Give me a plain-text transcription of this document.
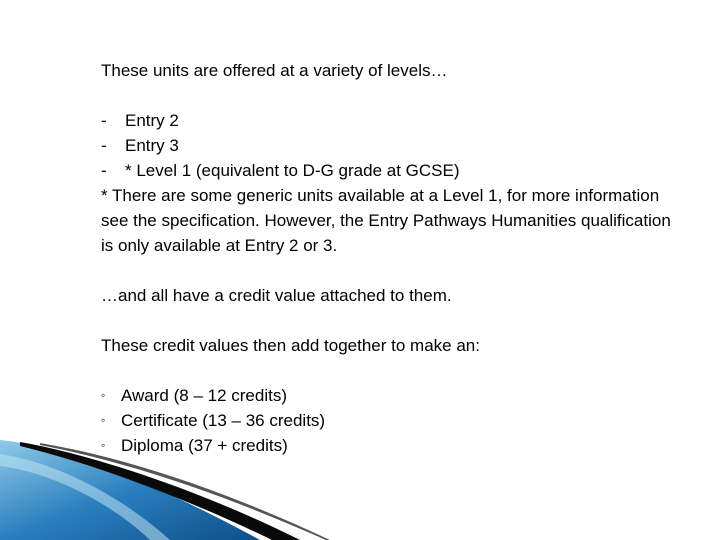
These units are offered at a variety of levels…

-	Entry 2
-	Entry 3
-	* Level 1 (equivalent to D-G grade at GCSE)

* There are some generic units available at a Level 1, for more information see the specification. However, the Entry Pathways Humanities qualification is only available at Entry 2 or 3.

…and all have a credit value attached to them.

These credit values then add together to make an:

◦ Award (8 – 12 credits)
◦ Certificate (13 – 36 credits)
◦ Diploma (37 + credits)
